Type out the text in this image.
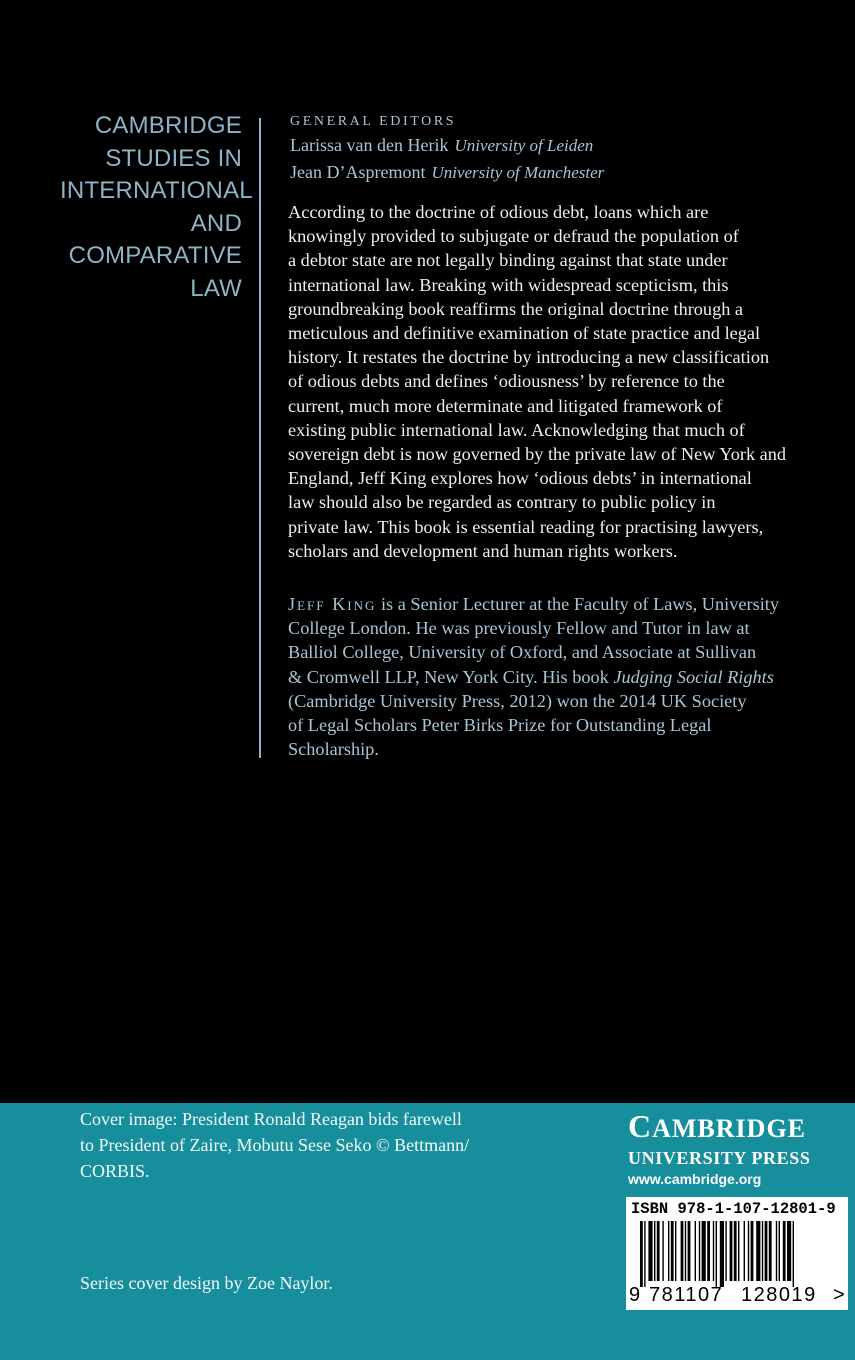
CAMBRIDGE
STUDIES IN
INTERNATIONAL
AND
COMPARATIVE
LAW
GENERAL EDITORS
Larissa van den Herik University of Leiden
Jean D’Aspremont University of Manchester
According to the doctrine of odious debt, loans which are
knowingly provided to subjugate or defraud the population of
a debtor state are not legally binding against that state under
international law. Breaking with widespread scepticism, this
groundbreaking book reaffirms the original doctrine through a
meticulous and definitive examination of state practice and legal
history. It restates the doctrine by introducing a new classification
of odious debts and defines ‘odiousness’ by reference to the
current, much more determinate and litigated framework of
existing public international law. Acknowledging that much of
sovereign debt is now governed by the private law of New York and
England, Jeff King explores how ‘odious debts’ in international
law should also be regarded as contrary to public policy in
private law. This book is essential reading for practising lawyers,
scholars and development and human rights workers.
Jeff King is a Senior Lecturer at the Faculty of Laws, University
College London. He was previously Fellow and Tutor in law at
Balliol College, University of Oxford, and Associate at Sullivan
& Cromwell LLP, New York City. His book Judging Social Rights
(Cambridge University Press, 2012) won the 2014 UK Society
of Legal Scholars Peter Birks Prize for Outstanding Legal
Scholarship.
Cover image: President Ronald Reagan bids farewell
to President of Zaire, Mobutu Sese Seko © Bettmann/
CORBIS.
Series cover design by Zoe Naylor.
CAMBRIDGE
UNIVERSITY PRESS
www.cambridge.org
ISBN 978-1-107-12801-9
9 781107 128019 >
